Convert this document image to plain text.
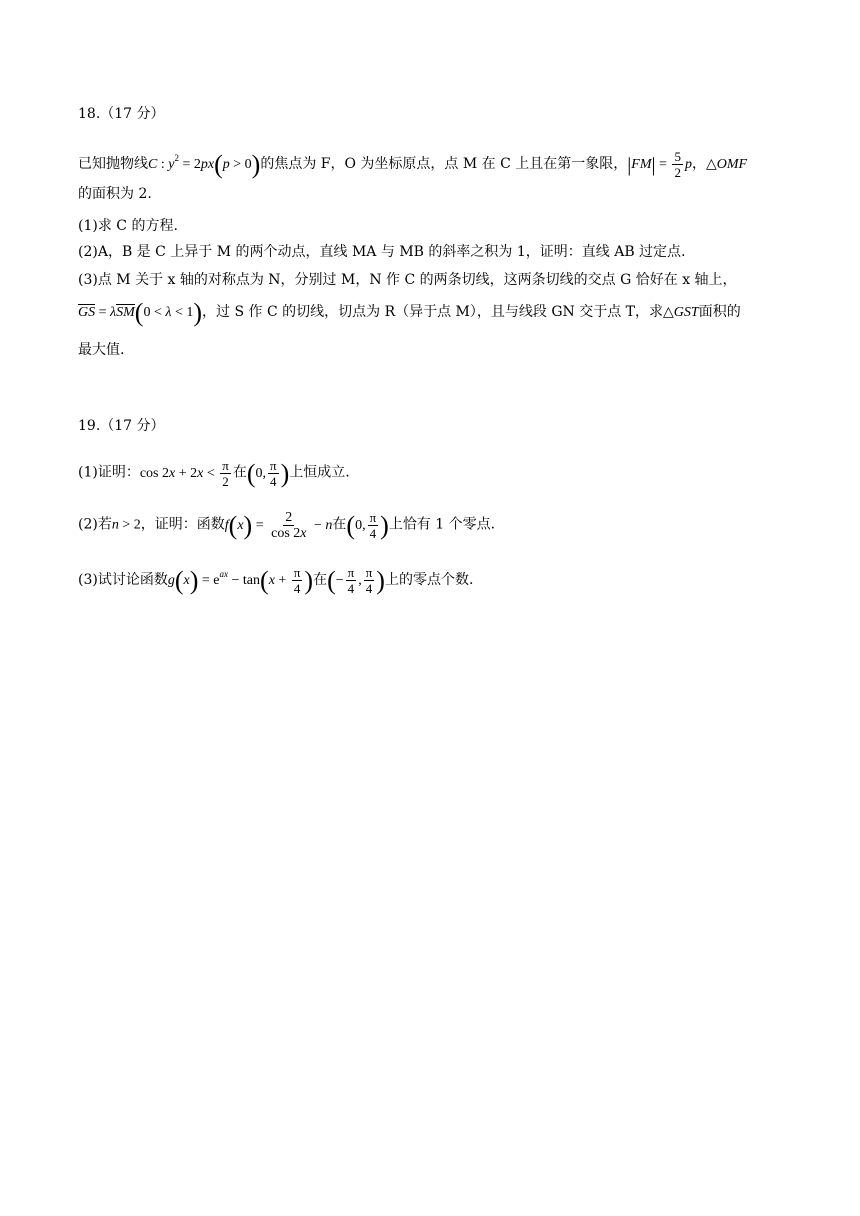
18.（17 分）
已知抛物线C : $y^2 = 2px(p > 0)$的焦点为 F，O 为坐标原点，点 M 在 C 上且在第一象限，$|FM| = \frac{5}{2}$ p，△OMF
的面积为 2.
(1)求 C 的方程.
(2)A，B 是 C 上异于 M 的两个动点，直线 MA 与 MB 的斜率之积为 1，证明：直线 AB 过定点.
(3)点 M 关于 x 轴的对称点为 N，分别过 M，N 作 C 的两条切线，这两条切线的交点 G 恰好在 x 轴上，
GS = λSM(0 < λ < 1)，过 S 作 C 的切线，切点为 R（异于点 M），且与线段 GN 交于点 T，求△GST面积的
最大值.
19.（17 分）
(1)证明：$\cos 2x + 2x < \frac{\pi}{2}$ 在(0, $\frac{\pi}{4}$ )上恒成立.
(2)若n > 2，证明：函数$f(x) = \frac{2}{\cos 2x} - n$在(0, $\frac{\pi}{4}$ )上恰有 1 个零点.
(3)试讨论函数$g(x) = e^{ax} - \tan(x + \frac{\pi}{4}$ )在(− $\frac{\pi}{4}$ , $\frac{\pi}{4}$ )上的零点个数.
